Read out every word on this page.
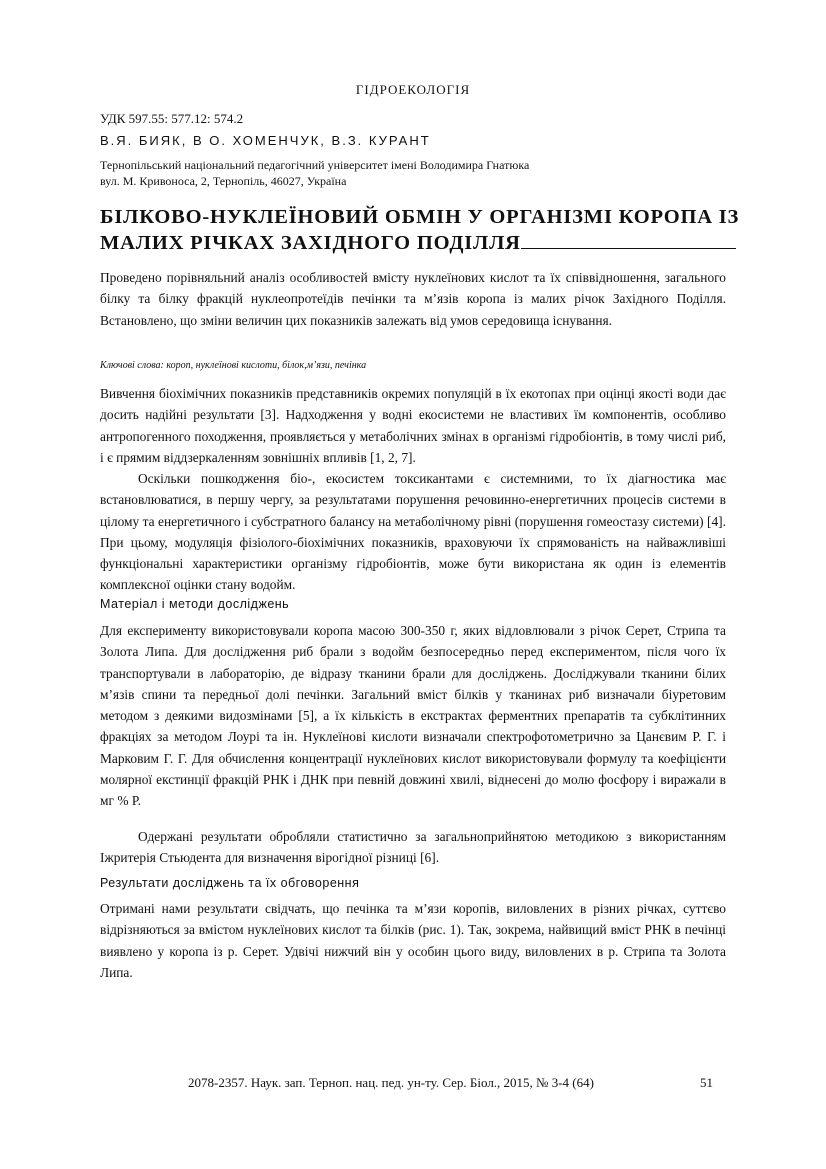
ГІДРОЕКОЛОГІЯ
УДК 597.55: 577.12: 574.2
В.Я. БИЯК, В О. ХОМЕНЧУК, В.З. КУРАНТ
Тернопільський національний педагогічний університет імені Володимира Гнатюка
вул. М. Кривоноса, 2, Тернопіль, 46027, Україна
БІЛКОВО-НУКЛЕЇНОВИЙ ОБМІН У ОРГАНІЗМІ КОРОПА ІЗ МАЛИХ РІЧКАХ ЗАХІДНОГО ПОДІЛЛЯ
Проведено порівняльний аналіз особливостей вмісту нуклеїнових кислот та їх співвідношення, загального білку та білку фракцій нуклеопротеїдів печінки та м’язів коропа із малих річок Західного Поділля. Встановлено, що зміни величин цих показників залежать від умов середовища існування.
Ключові слова: короп, нуклеїнові кислоти, білок,м’язи, печінка
Вивчення біохімічних показників представників окремих популяцій в їх екотопах при оцінці якості води дає досить надійні результати [3]. Надходження у водні екосистеми не властивих їм компонентів, особливо антропогенного походження, проявляється у метаболічних змінах в організмі гідробіонтів, в тому числі риб, і є прямим віддзеркаленням зовнішніх впливів [1, 2, 7].
Оскільки пошкодження біо-, екосистем токсикантами є системними, то їх діагностика має встановлюватися, в першу чергу, за результатами порушення речовинно-енергетичних процесів системи в цілому та енергетичного і субстратного балансу на метаболічному рівні (порушення гомеостазу системи) [4]. При цьому, модуляція фізіолого-біохімічних показників, враховуючи їх спрямованість на найважливіші функціональні характеристики організму гідробіонтів, може бути використана як один із елементів комплексної оцінки стану водойм.
Матеріал і методи досліджень
Для експерименту використовували коропа масою 300-350 г, яких відловлювали з річок Серет, Стрипа та Золота Липа. Для дослідження риб брали з водойм безпосередньо перед експериментом, після чого їх транспортували в лабораторію, де відразу тканини брали для досліджень. Досліджували тканини білих м’язів спини та передньої долі печінки. Загальний вміст білків у тканинах риб визначали біуретовим методом з деякими видозмінами [5], а їх кількість в екстрактах ферментних препаратів та субклітинних фракціях за методом Лоурі та ін. Нуклеїнові кислоти визначали спектрофотометрично за Цанєвим Р. Г. і Марковим Г. Г. Для обчислення концентрації нуклеїнових кислот використовували формулу та коефіцієнти молярної екстинції фракцій РНК і ДНК при певній довжині хвилі, віднесені до молю фосфору і виражали в мг % Р.
Одержані результати обробляли статистично за загальноприйнятою методикою з використанням Іжритерія Стьюдента для визначення вірогідної різниці [6].
Результати досліджень та їх обговорення
Отримані нами результати свідчать, що печінка та м’язи коропів, виловлених в різних річках, суттєво відрізняються за вмістом нуклеїнових кислот та білків (рис. 1). Так, зокрема, найвищий вміст РНК в печінці виявлено у коропа із р. Серет. Удвічі нижчий він у особин цього виду, виловлених в р. Стрипа та Золота Липа.
2078-2357. Наук. зап. Терноп. нац. пед. ун-ту. Сер. Біол., 2015, № 3-4 (64)	51
